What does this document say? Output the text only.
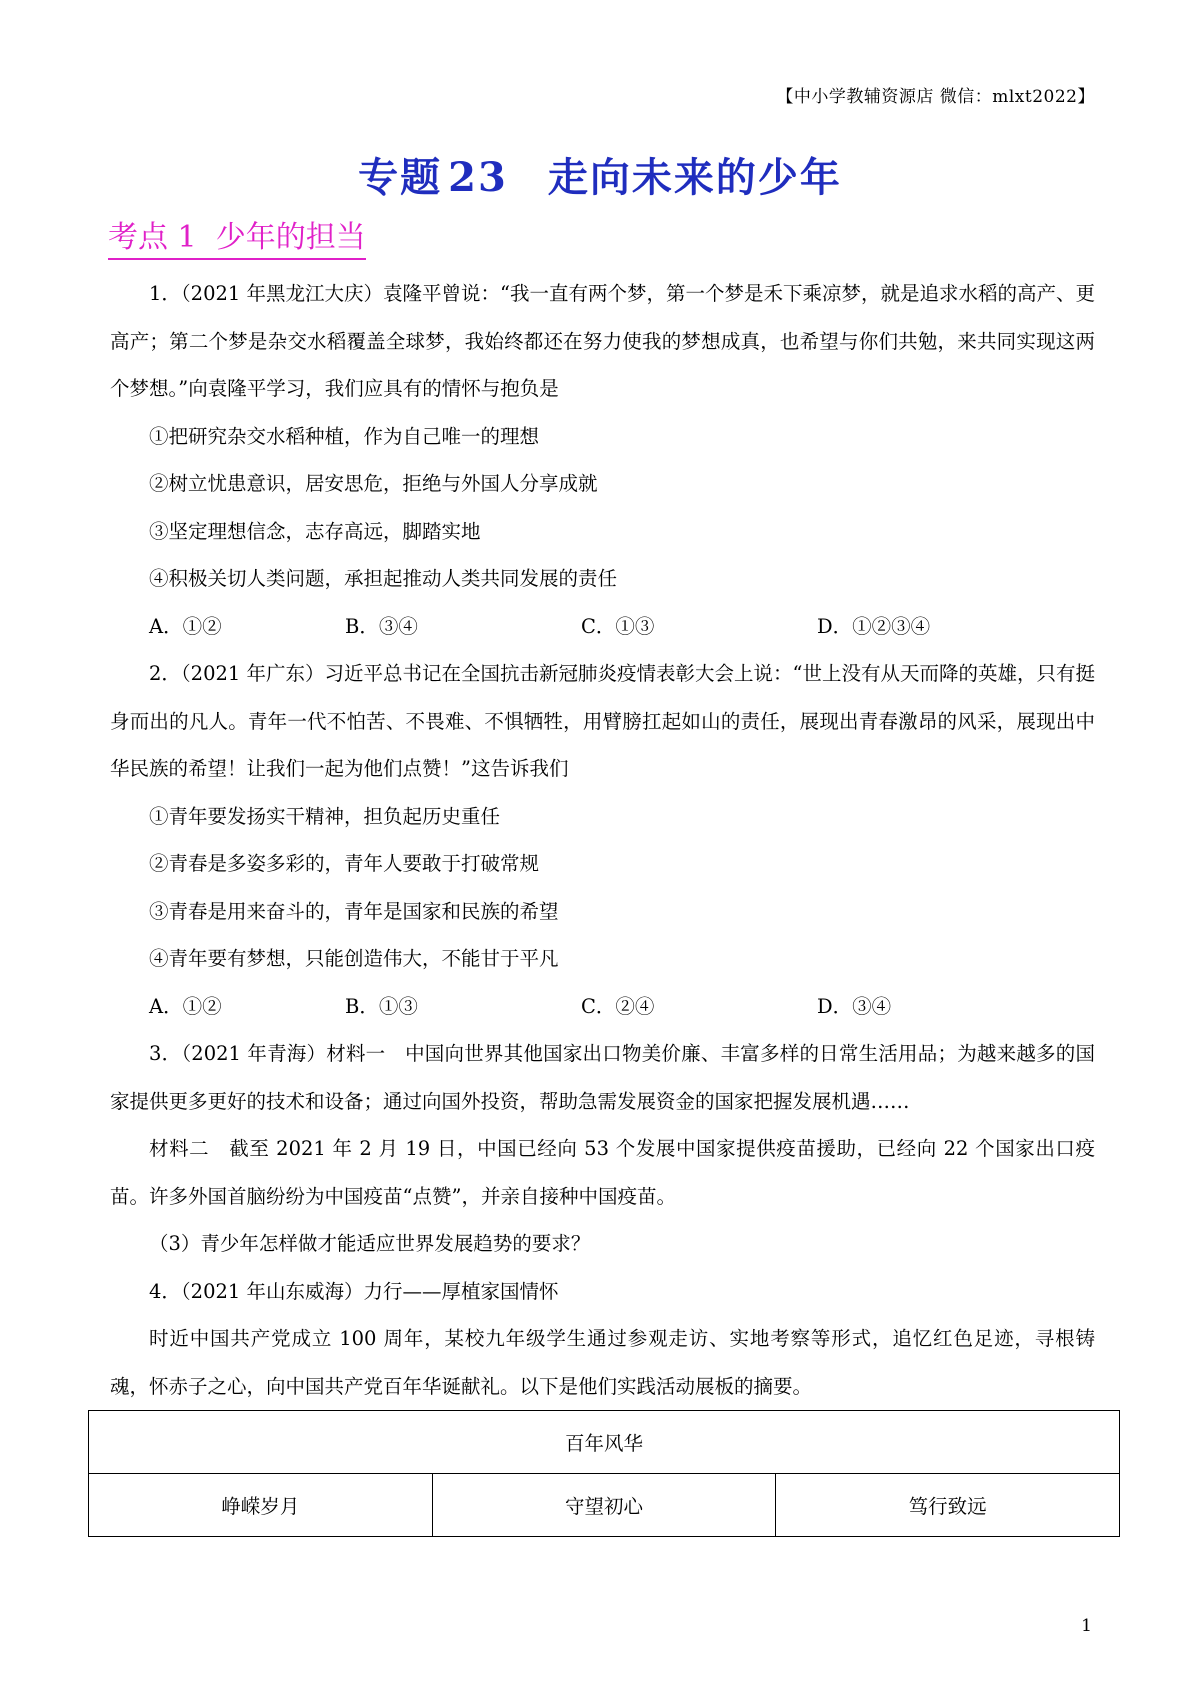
【中小学教辅资源店 微信：mlxt2022】
专题 23 走向未来的少年
考点 1  少年的担当

1．（2021 年黑龙江大庆）袁隆平曾说：“我一直有两个梦，第一个梦是禾下乘凉梦，就是追求水稻的高产、更高产；第二个梦是杂交水稻覆盖全球梦，我始终都还在努力使我的梦想成真，也希望与你们共勉，来共同实现这两个梦想。”向袁隆平学习，我们应具有的情怀与抱负是

①把研究杂交水稻种植，作为自己唯一的理想

②树立忧患意识，居安思危，拒绝与外国人分享成就

③坚定理想信念，志存高远，脚踏实地

④积极关切人类问题，承担起推动人类共同发展的责任

A．①②	B．③④	C．①③	D．①②③④

2．（2021 年广东）习近平总书记在全国抗击新冠肺炎疫情表彰大会上说：“世上没有从天而降的英雄，只有挺身而出的凡人。青年一代不怕苦、不畏难、不惧牺牲，用臂膀扛起如山的责任，展现出青春激昂的风采，展现出中华民族的希望！让我们一起为他们点赞！”这告诉我们

①青年要发扬实干精神，担负起历史重任

②青春是多姿多彩的，青年人要敢于打破常规

③青春是用来奋斗的，青年是国家和民族的希望

④青年要有梦想，只能创造伟大，不能甘于平凡

A．①②	B．①③	C．②④	D．③④

3．（2021 年青海）材料一　中国向世界其他国家出口物美价廉、丰富多样的日常生活用品；为越来越多的国家提供更多更好的技术和设备；通过向国外投资，帮助急需发展资金的国家把握发展机遇……

材料二　截至 2021 年 2 月 19 日，中国已经向 53 个发展中国家提供疫苗援助，已经向 22 个国家出口疫苗。许多外国首脑纷纷为中国疫苗“点赞”，并亲自接种中国疫苗。

（3）青少年怎样做才能适应世界发展趋势的要求？

4．（2021 年山东威海）力行——厚植家国情怀

时近中国共产党成立 100 周年，某校九年级学生通过参观走访、实地考察等形式，追忆红色足迹，寻根铸魂，怀赤子之心，向中国共产党百年华诞献礼。以下是他们实践活动展板的摘要。

百年风华
峥嵘岁月	守望初心	笃行致远
1
